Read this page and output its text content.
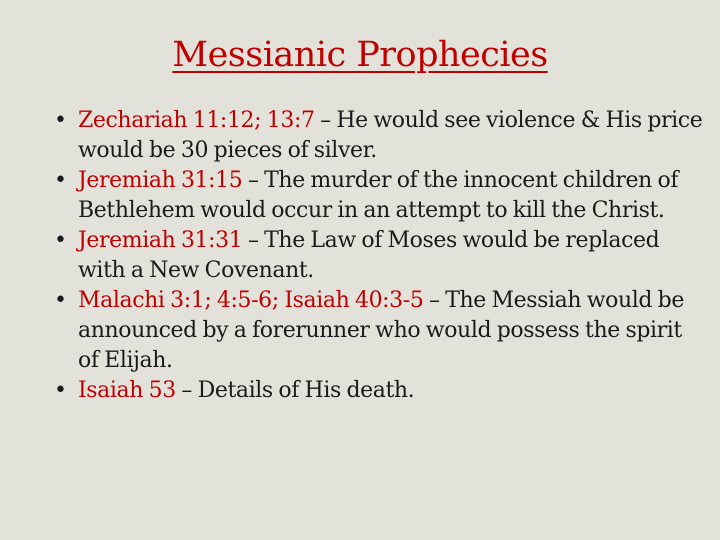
Messianic Prophecies
• Zechariah 11:12; 13:7 – He would see violence & His price would be 30 pieces of silver.
• Jeremiah 31:15 – The murder of the innocent children of Bethlehem would occur in an attempt to kill the Christ.
• Jeremiah 31:31 – The Law of Moses would be replaced with a New Covenant.
• Malachi 3:1; 4:5-6; Isaiah 40:3-5 – The Messiah would be announced by a forerunner who would possess the spirit of Elijah.
• Isaiah 53 – Details of His death.
